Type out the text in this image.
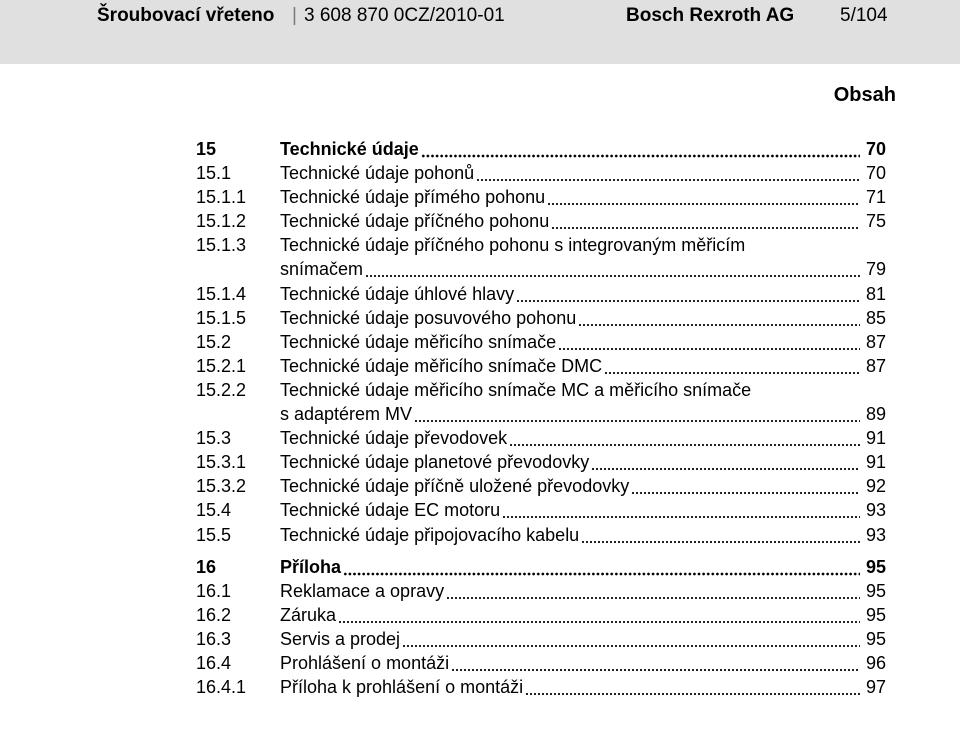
Šroubovací vřeteno | 3 608 870 0CZ/2010-01	Bosch Rexroth AG 5/104
Obsah
15	Technické údaje	70
15.1	Technické údaje pohonů	70
15.1.1 Technické údaje přímého pohonu	71
15.1.2 Technické údaje příčného pohonu	75
15.1.3 Technické údaje příčného pohonu s integrovaným měřicím
snímačem	79
15.1.4 Technické údaje úhlové hlavy	81
15.1.5 Technické údaje posuvového pohonu	85
15.2	Technické údaje měřicího snímače	87
15.2.1 Technické údaje měřicího snímače DMC	87
15.2.2 Technické údaje měřicího snímače MC a měřicího snímače
s adaptérem MV	89
15.3	Technické údaje převodovek	91
15.3.1 Technické údaje planetové převodovky	91
15.3.2 Technické údaje příčně uložené převodovky	92
15.4	Technické údaje EC motoru	93
15.5	Technické údaje připojovacího kabelu	93
16	Příloha	95
16.1	Reklamace a opravy	95
16.2	Záruka	95
16.3	Servis a prodej	95
16.4	Prohlášení o montáži	96
16.4.1 Příloha k prohlášení o montáži	97
